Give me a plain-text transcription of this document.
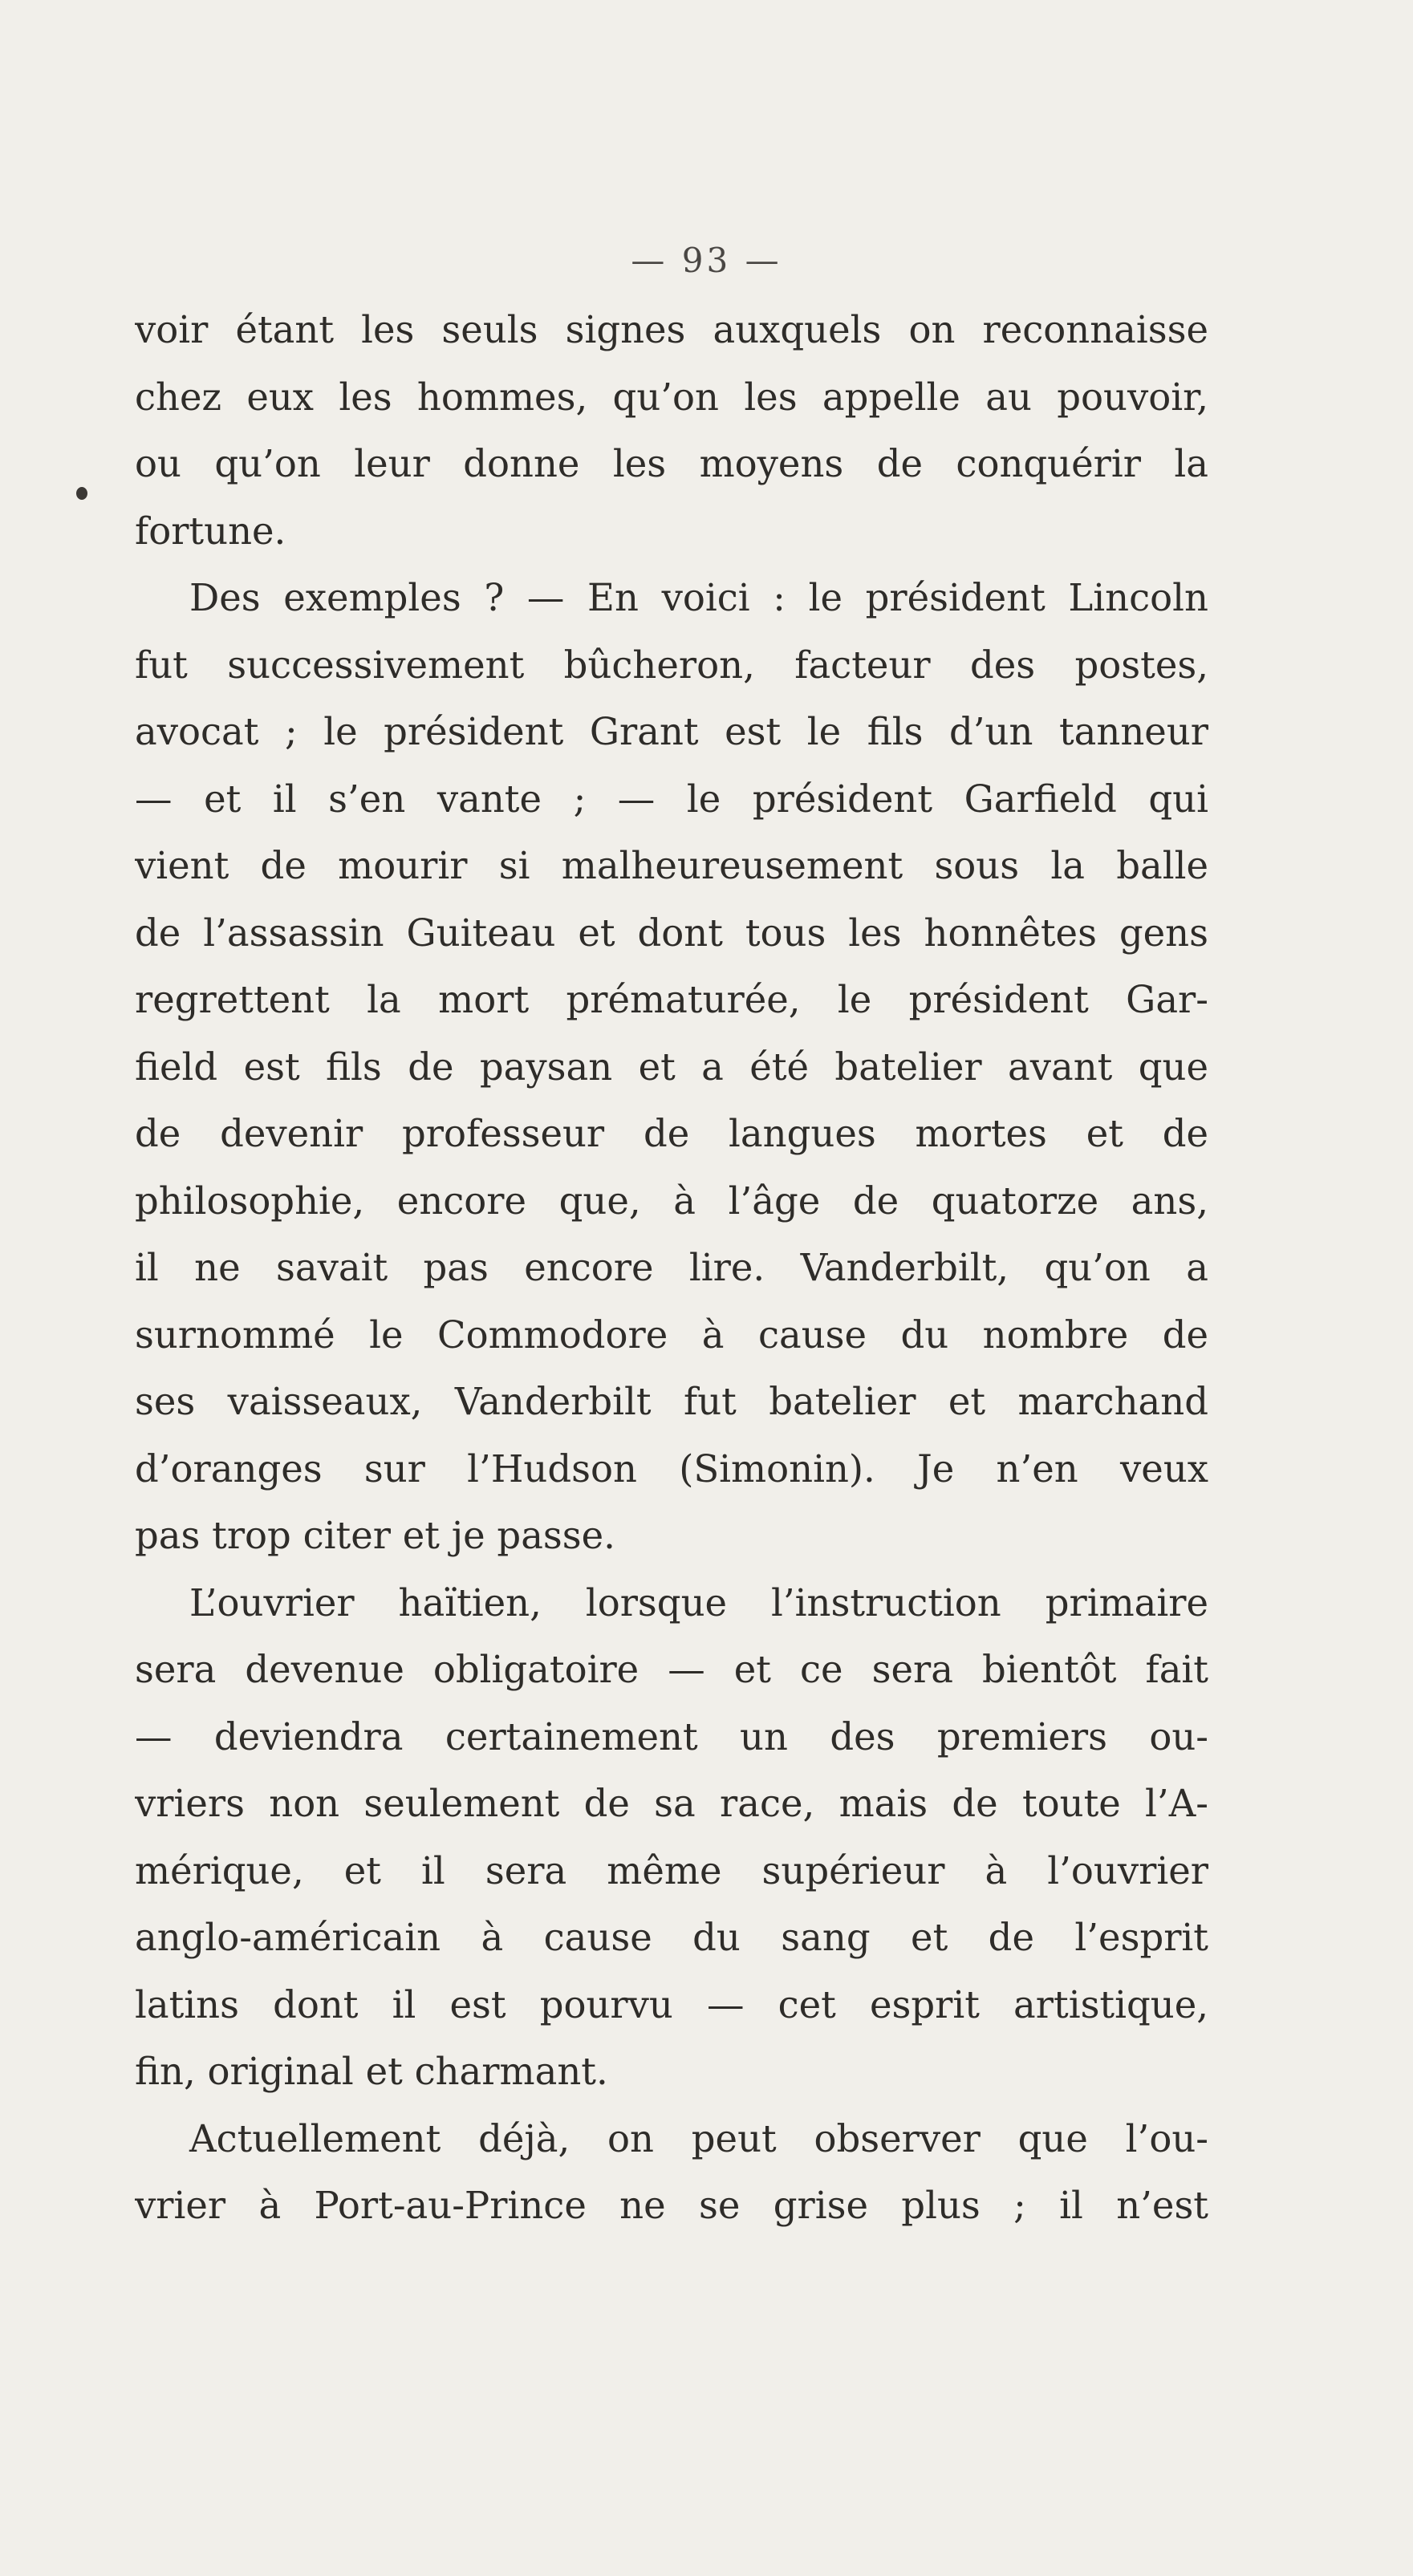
— 93 —
voir étant les seuls signes auxquels on reconnaisse
chez eux les hommes, qu’on les appelle au pouvoir,
ou qu’on leur donne les moyens de conquérir la
fortune.
Des exemples ? — En voici : le président Lincoln
fut successivement bûcheron, facteur des postes,
avocat ; le président Grant est le fils d’un tanneur
— et il s’en vante ; — le président Garfield qui
vient de mourir si malheureusement sous la balle
de l’assassin Guiteau et dont tous les honnêtes gens
regrettent la mort prématurée, le président Gar-
field est fils de paysan et a été batelier avant que
de devenir professeur de langues mortes et de
philosophie, encore que, à l’âge de quatorze ans,
il ne savait pas encore lire. Vanderbilt, qu’on a
surnommé le Commodore à cause du nombre de
ses vaisseaux, Vanderbilt fut batelier et marchand
d’oranges sur l’Hudson (Simonin). Je n’en veux
pas trop citer et je passe.
L’ouvrier haïtien, lorsque l’instruction primaire
sera devenue obligatoire — et ce sera bientôt fait
— deviendra certainement un des premiers ou-
vriers non seulement de sa race, mais de toute l’A-
mérique, et il sera même supérieur à l’ouvrier
anglo-américain à cause du sang et de l’esprit
latins dont il est pourvu — cet esprit artistique,
fin, original et charmant.
Actuellement déjà, on peut observer que l’ou-
vrier à Port-au-Prince ne se grise plus ; il n’est
